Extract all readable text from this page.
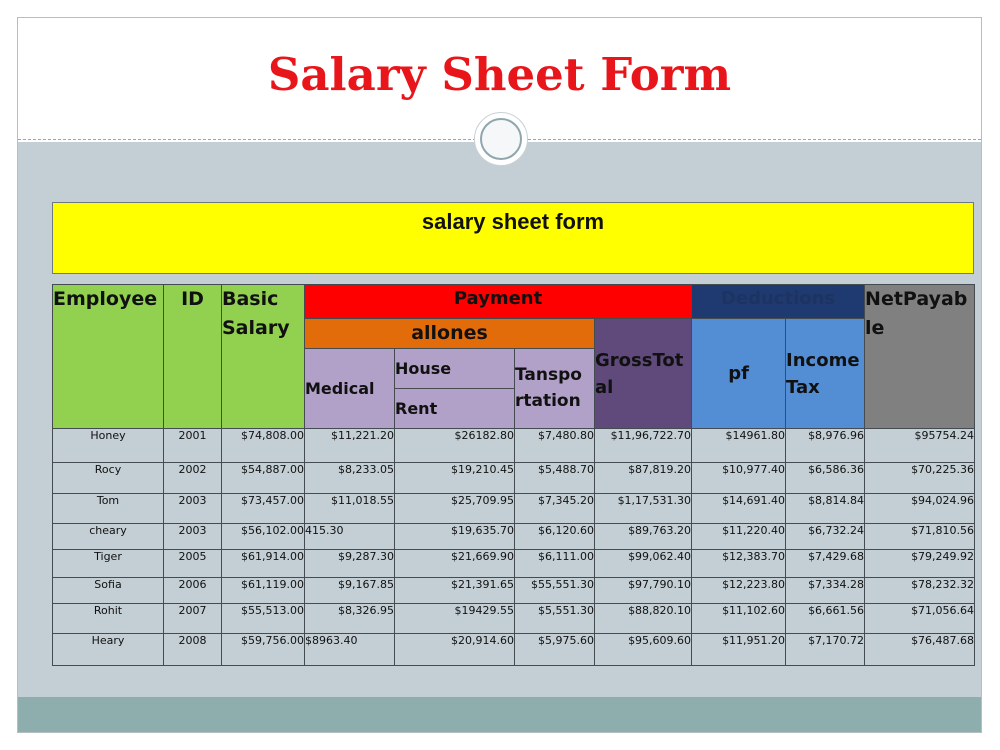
Salary Sheet Form
salary sheet form
Employee	ID	Basic Salary	Payment				Deductions		NetPayab le
			allones			GrossTot al	pf	Income Tax	
			Medical	House	Tanspo rtation				
				Rent					
Honey	2001	$74,808.00	$11,221.20	$26182.80	$7,480.80	$11,96,722.70	$14961.80	$8,976.96	$95754.24
Rocy	2002	$54,887.00	$8,233.05	$19,210.45	$5,488.70	$87,819.20	$10,977.40	$6,586.36	$70,225.36
Tom	2003	$73,457.00	$11,018.55	$25,709.95	$7,345.20	$1,17,531.30	$14,691.40	$8,814.84	$94,024.96
cheary	2003	$56,102.00	415.30	$19,635.70	$6,120.60	$89,763.20	$11,220.40	$6,732.24	$71,810.56
Tiger	2005	$61,914.00	$9,287.30	$21,669.90	$6,111.00	$99,062.40	$12,383.70	$7,429.68	$79,249.92
Sofia	2006	$61,119.00	$9,167.85	$21,391.65	$55,551.30	$97,790.10	$12,223.80	$7,334.28	$78,232.32
Rohit	2007	$55,513.00	$8,326.95	$19429.55	$5,551.30	$88,820.10	$11,102.60	$6,661.56	$71,056.64
Heary	2008	$59,756.00	$8963.40	$20,914.60	$5,975.60	$95,609.60	$11,951.20	$7,170.72	$76,487.68
